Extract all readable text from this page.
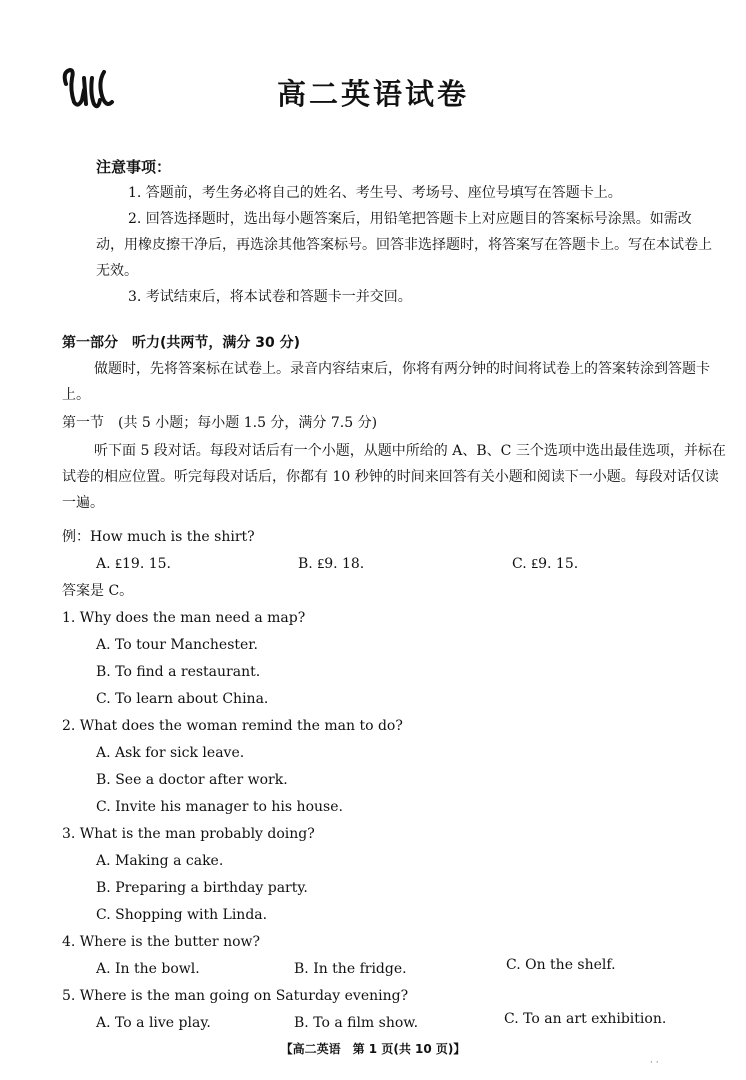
高二英语试卷
注意事项：

1. 答题前，考生务必将自己的姓名、考生号、考场号、座位号填写在答题卡上。

2. 回答选择题时，选出每小题答案后，用铅笔把答题卡上对应题目的答案标号涂黑。如需改动，用橡皮擦干净后，再选涂其他答案标号。回答非选择题时，将答案写在答题卡上。写在本试卷上无效。

3. 考试结束后，将本试卷和答题卡一并交回。

第一部分　听力(共两节，满分 30 分)

做题时，先将答案标在试卷上。录音内容结束后，你将有两分钟的时间将试卷上的答案转涂到答题卡上。

第一节　(共 5 小题；每小题 1.5 分，满分 7.5 分)

听下面 5 段对话。每段对话后有一个小题，从题中所给的 A、B、C 三个选项中选出最佳选项，并标在试卷的相应位置。听完每段对话后，你都有 10 秒钟的时间来回答有关小题和阅读下一小题。每段对话仅读一遍。

例：How much is the shirt?
A. ₤19. 15.	B. ₤9. 18.	C. ₤9. 15.
答案是 C。
1. Why does the man need a map?
A. To tour Manchester.
B. To find a restaurant.
C. To learn about China.
2. What does the woman remind the man to do?
A. Ask for sick leave.
B. See a doctor after work.
C. Invite his manager to his house.
3. What is the man probably doing?
A. Making a cake.
B. Preparing a birthday party.
C. Shopping with Linda.
4. Where is the butter now?
A. In the bowl.	B. In the fridge.	C. On the shelf.
5. Where is the man going on Saturday evening?
A. To a live play.	B. To a film show.	C. To an art exhibition.
【高二英语　第 1 页(共 10 页)】
· ·
